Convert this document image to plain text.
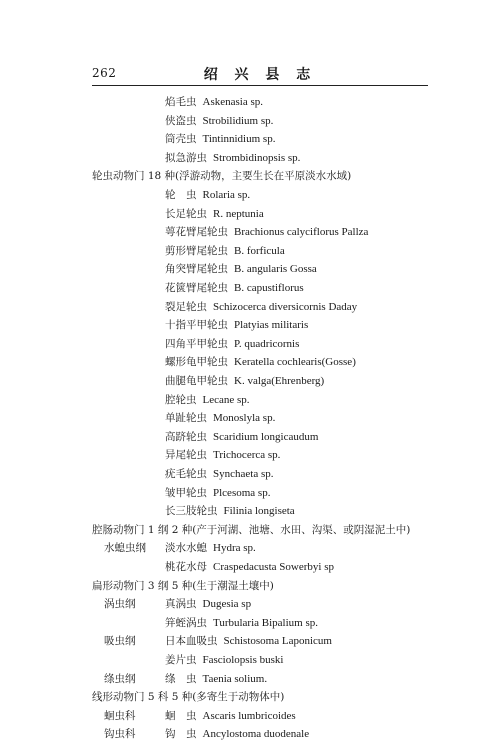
262	绍 兴 县 志
焰毛虫 Askenasia sp.
侠盗虫 Strobilidium sp.
筒壳虫 Tintinnidium sp.
拟急游虫 Strombidinopsis sp.
轮虫动物门 18 种(浮游动物，主要生长在平原淡水水域)
轮　虫 Rolaria sp.
长足轮虫 R. neptunia
萼花臂尾轮虫 Brachionus calyciflorus Pallza
剪形臂尾轮虫 B. forficula
角突臂尾轮虫 B. angularis Gossa
花篋臂尾轮虫 B. capustiflorus
裂足轮虫 Schizocerca diversicornis Daday
十指平甲轮虫 Platyias militaris
四角平甲轮虫 P. quadricornis
螺形龟甲轮虫 Keratella cochlearis(Gosse)
曲腿龟甲轮虫 K. valga(Ehrenberg)
腔轮虫 Lecane sp.
单趾轮虫 Monoslyla sp.
高跻轮虫 Scaridium longicaudum
异尾轮虫 Trichocerca sp.
疣毛轮虫 Synchaeta sp.
皱甲轮虫 Plcesoma sp.
长三肢轮虫 Filinia longiseta
腔肠动物门 1 纲 2 种(产于河湖、池塘、水田、沟渠、或阴湿泥土中)
水螅虫纲 淡水水螅 Hydra sp.
桃花水母 Craspedacusta Sowerbyi sp
扁形动物门 3 纲 5 种(生于潮湿土壤中)
涡虫纲	真涡虫 Dugesia sp
笄蛭涡虫 Turbularia Bipalium sp.
吸虫纲	日本血吸虫 Schistosoma Laponicum
姜片虫 Fasciolopsis buski
绦虫纲	绦　虫 Taenia solium.
线形动物门 5 科 5 种(多寄生于动物体中)
蛔虫科	蛔　虫 Ascaris lumbricoides
钩虫科	钩　虫 Ancylostoma duodenale
